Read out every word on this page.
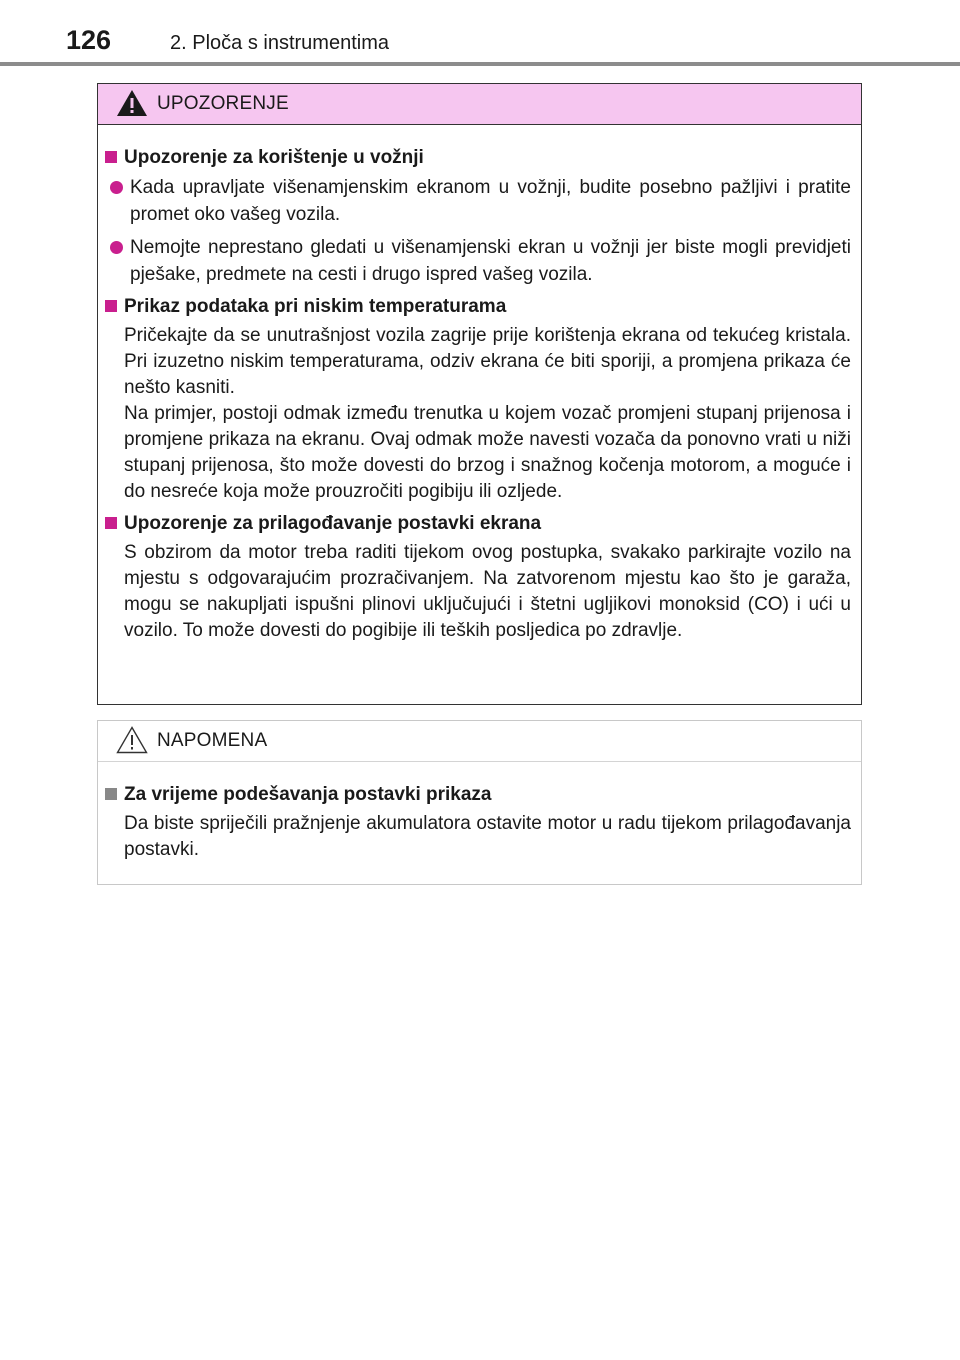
126	2. Ploča s instrumentima
UPOZORENJE
Upozorenje za korištenje u vožnji
Kada upravljate višenamjenskim ekranom u vožnji, budite posebno pažljivi i pratite promet oko vašeg vozila.
Nemojte neprestano gledati u višenamjenski ekran u vožnji jer biste mogli previdjeti pješake, predmete na cesti i drugo ispred vašeg vozila.
Prikaz podataka pri niskim temperaturama
Pričekajte da se unutrašnjost vozila zagrije prije korištenja ekrana od tekućeg kristala. Pri izuzetno niskim temperaturama, odziv ekrana će biti sporiji, a promjena prikaza će nešto kasniti.
Na primjer, postoji odmak između trenutka u kojem vozač promjeni stupanj prijenosa i promjene prikaza na ekranu. Ovaj odmak može navesti vozača da ponovno vrati u niži stupanj prijenosa, što može dovesti do brzog i snažnog kočenja motorom, a moguće i do nesreće koja može prouzročiti pogibiju ili ozljede.
Upozorenje za prilagođavanje postavki ekrana
S obzirom da motor treba raditi tijekom ovog postupka, svakako parkirajte vozilo na mjestu s odgovarajućim prozračivanjem. Na zatvorenom mjestu kao što je garaža, mogu se nakupljati ispušni plinovi uključujući i štetni ugljikovi monoksid (CO) i ući u vozilo. To može dovesti do pogibije ili teških posljedica po zdravlje.
NAPOMENA
Za vrijeme podešavanja postavki prikaza
Da biste spriječili pražnjenje akumulatora ostavite motor u radu tijekom prilagođavanja postavki.
